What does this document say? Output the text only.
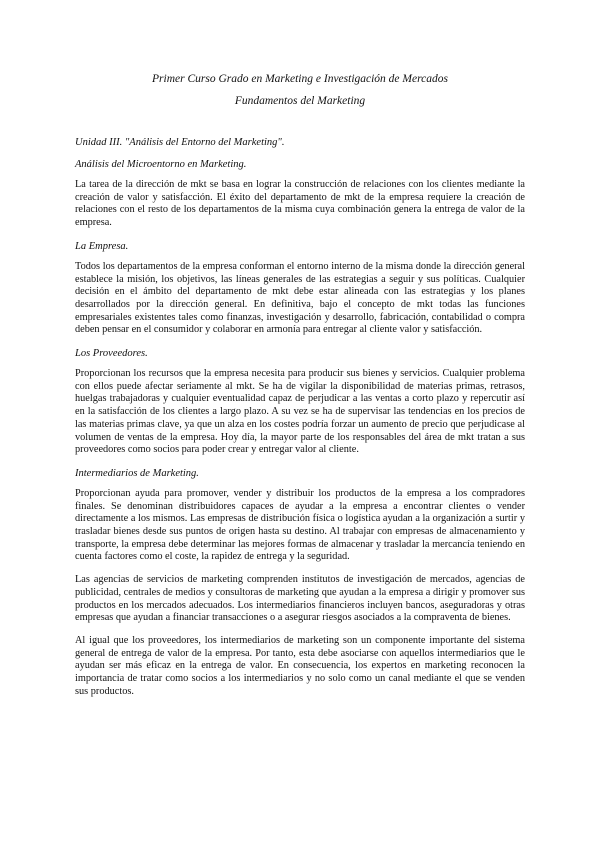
Primer Curso Grado en Marketing e Investigación de Mercados

Fundamentos del Marketing

Unidad III. "Análisis del Entorno del Marketing".

Análisis del Microentorno en Marketing.

La tarea de la dirección de mkt se basa en lograr la construcción de relaciones con los clientes mediante la creación de valor y satisfacción. El éxito del departamento de mkt de la empresa requiere la creación de relaciones con el resto de los departamentos de la misma cuya combinación genera la entrega de valor de la empresa.

La Empresa.

Todos los departamentos de la empresa conforman el entorno interno de la misma donde la dirección general establece la misión, los objetivos, las líneas generales de las estrategias a seguir y sus políticas. Cualquier decisión en el ámbito del departamento de mkt debe estar alineada con las estrategias y los planes desarrollados por la dirección general. En definitiva, bajo el concepto de mkt todas las funciones empresariales existentes tales como finanzas, investigación y desarrollo, fabricación, contabilidad o compra deben pensar en el consumidor y colaborar en armonía para entregar al cliente valor y satisfacción.

Los Proveedores.

Proporcionan los recursos que la empresa necesita para producir sus bienes y servicios. Cualquier problema con ellos puede afectar seriamente al mkt. Se ha de vigilar la disponibilidad de materias primas, retrasos, huelgas trabajadoras y cualquier eventualidad capaz de perjudicar a las ventas a corto plazo y repercutir así en la satisfacción de los clientes a largo plazo. A su vez se ha de supervisar las tendencias en los precios de las materias primas clave, ya que un alza en los costes podría forzar un aumento de precio que perjudicase al volumen de ventas de la empresa. Hoy día, la mayor parte de los responsables del área de mkt tratan a sus proveedores como socios para poder crear y entregar valor al cliente.

Intermediarios de Marketing.

Proporcionan ayuda para promover, vender y distribuir los productos de la empresa a los compradores finales. Se denominan distribuidores capaces de ayudar a la empresa a encontrar clientes o vender directamente a los mismos. Las empresas de distribución física o logística ayudan a la organización a surtir y trasladar bienes desde sus puntos de origen hasta su destino. Al trabajar con empresas de almacenamiento y transporte, la empresa debe determinar las mejores formas de almacenar y trasladar la mercancía teniendo en cuenta factores como el coste, la rapidez de entrega y la seguridad.

Las agencias de servicios de marketing comprenden institutos de investigación de mercados, agencias de publicidad, centrales de medios y consultoras de marketing que ayudan a la empresa a dirigir y promover sus productos en los mercados adecuados. Los intermediarios financieros incluyen bancos, aseguradoras y otras empresas que ayudan a financiar transacciones o a asegurar riesgos asociados a la compraventa de bienes.

Al igual que los proveedores, los intermediarios de marketing son un componente importante del sistema general de entrega de valor de la empresa. Por tanto, esta debe asociarse con aquellos intermediarios que le ayudan ser más eficaz en la entrega de valor. En consecuencia, los expertos en marketing reconocen la importancia de tratar como socios a los intermediarios y no solo como un canal mediante el que se venden sus productos.
